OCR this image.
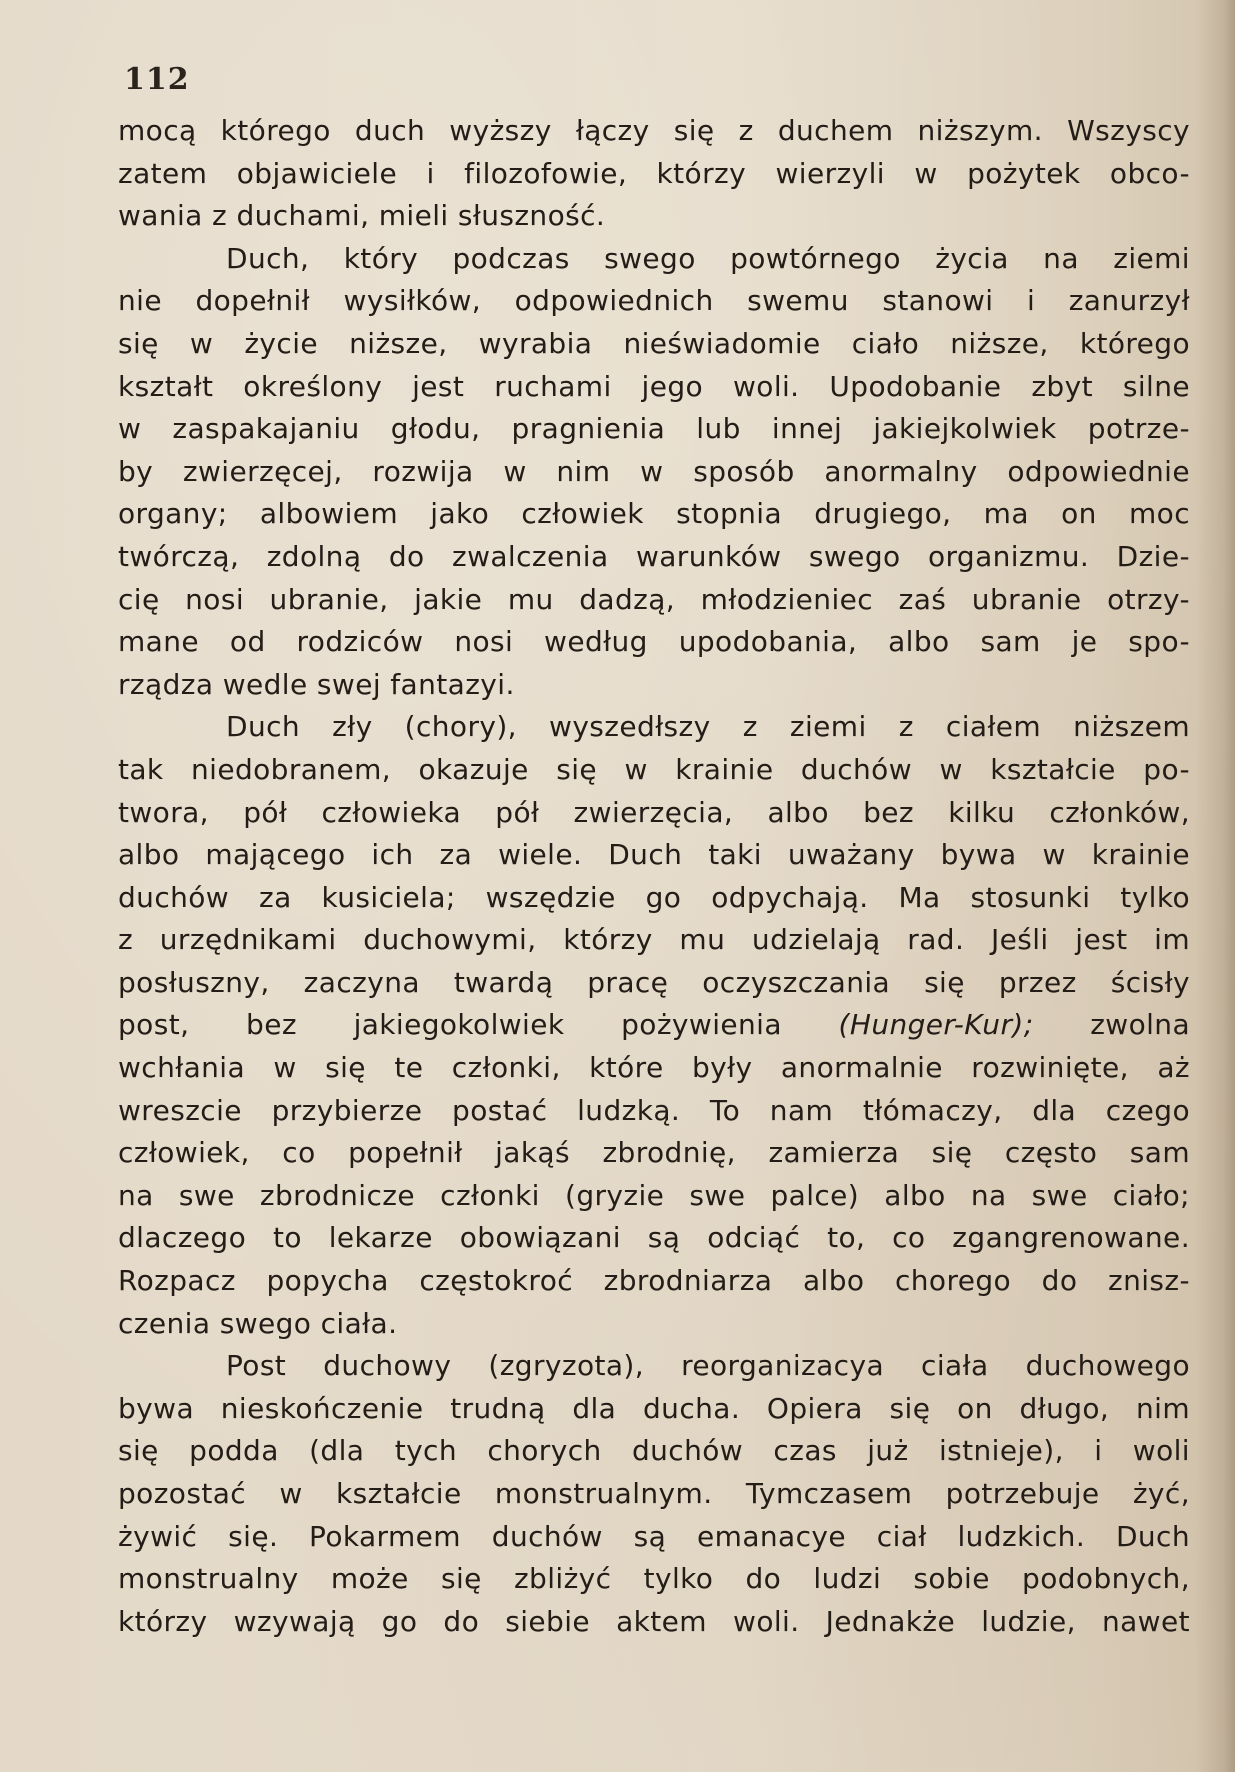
112

mocą którego duch wyższy łączy się z duchem niższym. Wszyscy
zatem objawiciele i filozofowie, którzy wierzyli w pożytek obco-
wania z duchami, mieli słuszność.
Duch, który podczas swego powtórnego życia na ziemi
nie dopełnił wysiłków, odpowiednich swemu stanowi i zanurzył
się w życie niższe, wyrabia nieświadomie ciało niższe, którego
kształt określony jest ruchami jego woli. Upodobanie zbyt silne
w zaspakajaniu głodu, pragnienia lub innej jakiejkolwiek potrze-
by zwierzęcej, rozwija w nim w sposób anormalny odpowiednie
organy; albowiem jako człowiek stopnia drugiego, ma on moc
twórczą, zdolną do zwalczenia warunków swego organizmu. Dzie-
cię nosi ubranie, jakie mu dadzą, młodzieniec zaś ubranie otrzy-
mane od rodziców nosi według upodobania, albo sam je spo-
rządza wedle swej fantazyi.
Duch zły (chory), wyszedłszy z ziemi z ciałem niższem
tak niedobranem, okazuje się w krainie duchów w kształcie po-
twora, pół człowieka pół zwierzęcia, albo bez kilku członków,
albo mającego ich za wiele. Duch taki uważany bywa w krainie
duchów za kusiciela; wszędzie go odpychają. Ma stosunki tylko
z urzędnikami duchowymi, którzy mu udzielają rad. Jeśli jest im
posłuszny, zaczyna twardą pracę oczyszczania się przez ścisły
post, bez jakiegokolwiek pożywienia (Hunger-Kur); zwolna
wchłania w się te członki, które były anormalnie rozwinięte, aż
wreszcie przybierze postać ludzką. To nam tłómaczy, dla czego
człowiek, co popełnił jakąś zbrodnię, zamierza się często sam
na swe zbrodnicze członki (gryzie swe palce) albo na swe ciało;
dlaczego to lekarze obowiązani są odciąć to, co zgangrenowane.
Rozpacz popycha częstokroć zbrodniarza albo chorego do znisz-
czenia swego ciała.
Post duchowy (zgryzota), reorganizacya ciała duchowego
bywa nieskończenie trudną dla ducha. Opiera się on długo, nim
się podda (dla tych chorych duchów czas już istnieje), i woli
pozostać w kształcie monstrualnym. Tymczasem potrzebuje żyć,
żywić się. Pokarmem duchów są emanacye ciał ludzkich. Duch
monstrualny może się zbliżyć tylko do ludzi sobie podobnych,
którzy wzywają go do siebie aktem woli. Jednakże ludzie, nawet
